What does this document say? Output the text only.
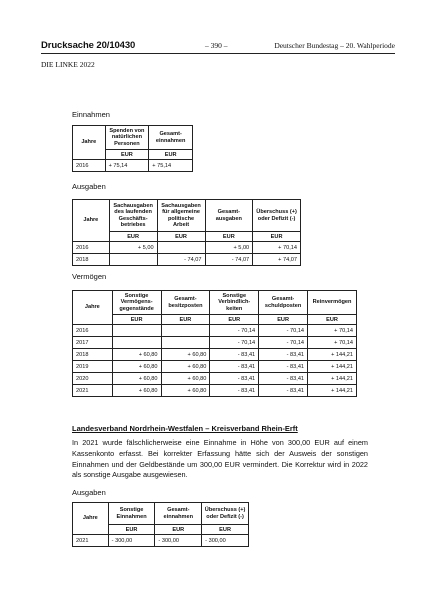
Drucksache 20/10430	– 390 –	Deutscher Bundestag – 20. Wahlperiode
DIE LINKE 2022
Einnahmen
Jahre	Spenden von natürlichen Personen	Gesamt-einnahmen
	EUR	EUR
2016	+ 75,14	+ 75,14
Ausgaben
Jahre	Sachausgaben des laufenden Geschäfts-betriebes	Sachausgaben für allgemeine politische Arbeit	Gesamt-ausgaben	Überschuss (+) oder Defizit (-)
	EUR	EUR	EUR	EUR
2016	+ 5,00		+ 5,00	+ 70,14
2018		- 74,07	- 74,07	+ 74,07
Vermögen
Jahre	Sonstige Vermögens-gegenstände	Gesamt-besitzposten	Sonstige Verbindlich-keiten	Gesamt-schuldposten	Reinvermögen
	EUR	EUR	EUR	EUR	EUR
2016			- 70,14	- 70,14	+ 70,14
2017			- 70,14	- 70,14	+ 70,14
2018	+ 60,80	+ 60,80	- 83,41	- 83,41	+ 144,21
2019	+ 60,80	+ 60,80	- 83,41	- 83,41	+ 144,21
2020	+ 60,80	+ 60,80	- 83,41	- 83,41	+ 144,21
2021	+ 60,80	+ 60,80	- 83,41	- 83,41	+ 144,21
Landesverband Nordrhein-Westfalen – Kreisverband Rhein-Erft

In 2021 wurde fälschlicherweise eine Einnahme in Höhe von 300,00 EUR auf einem Kassenkonto erfasst. Bei korrekter Erfassung hätte sich der Ausweis der sonstigen Einnahmen und der Geldbestände um 300,00 EUR vermindert. Die Korrektur wird in 2022 als sonstige Ausgabe ausgewiesen.

Ausgaben
Jahre	Sonstige Einnahmen	Gesamt-einnahmen	Überschuss (+) oder Defizit (-)
	EUR	EUR	EUR
2021	- 300,00	- 300,00	- 300,00
